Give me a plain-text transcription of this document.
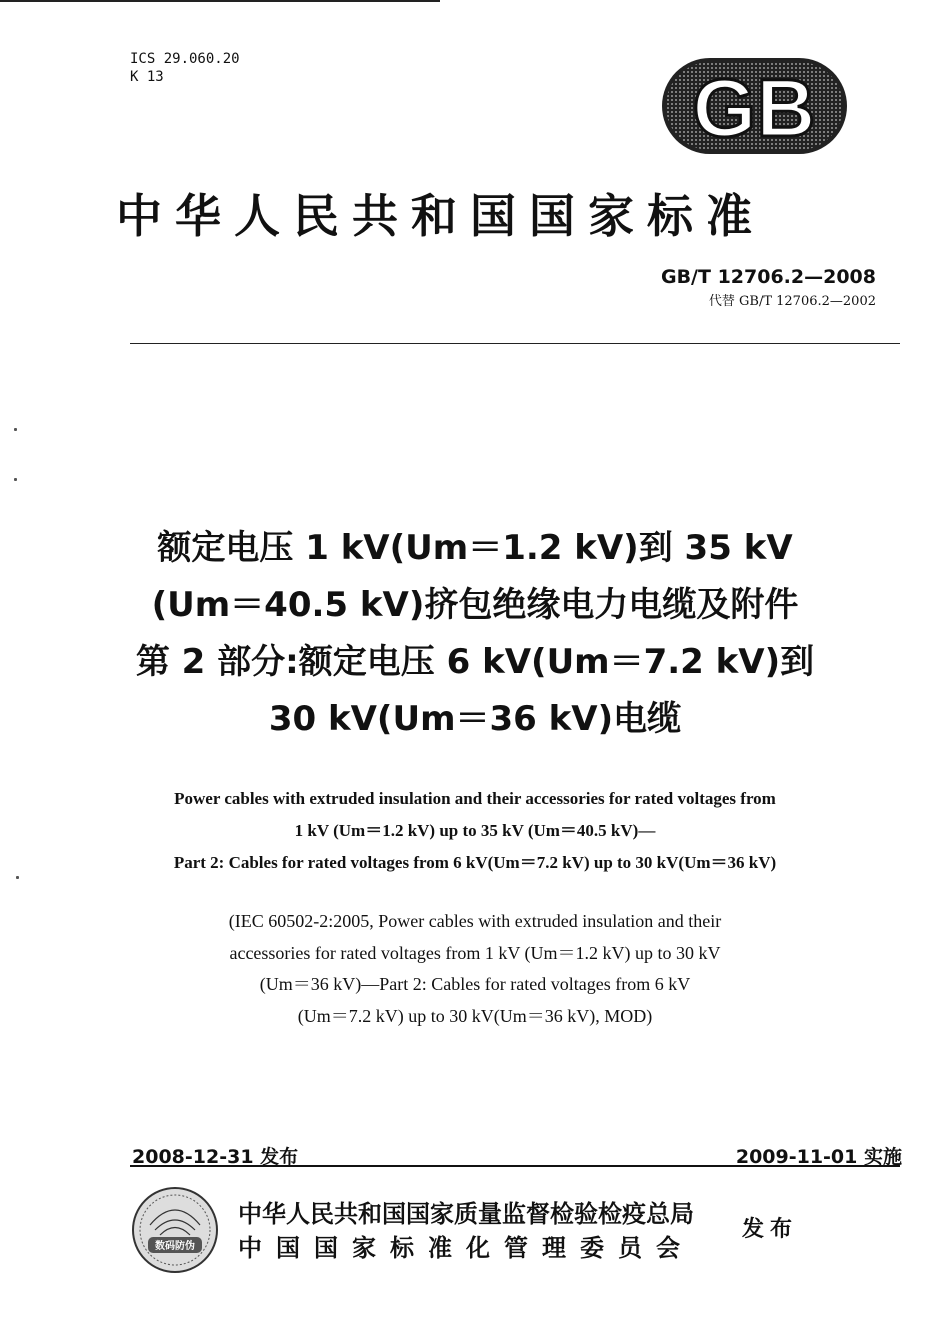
ICS 29.060.20
K 13	GB
中华人民共和国国家标准
GB/T 12706.2—2008
代替 GB/T 12706.2—2002
额定电压 1 kV(Um＝1.2 kV)到 35 kV
(Um＝40.5 kV)挤包绝缘电力电缆及附件
第 2 部分:额定电压 6 kV(Um＝7.2 kV)到
30 kV(Um＝36 kV)电缆
Power cables with extruded insulation and their accessories for rated voltages from
1 kV (Um＝1.2 kV) up to 35 kV (Um＝40.5 kV)—
Part 2: Cables for rated voltages from 6 kV(Um＝7.2 kV) up to 30 kV(Um＝36 kV)
(IEC 60502-2:2005, Power cables with extruded insulation and their
accessories for rated voltages from 1 kV (Um＝1.2 kV) up to 30 kV
(Um＝36 kV)—Part 2: Cables for rated voltages from 6 kV
(Um＝7.2 kV) up to 30 kV(Um＝36 kV), MOD)
2008-12-31 发布	2009-11-01 实施
数码防伪
中华人民共和国国家质量监督检验检疫总局
中国国家标准化管理委员会
发布
